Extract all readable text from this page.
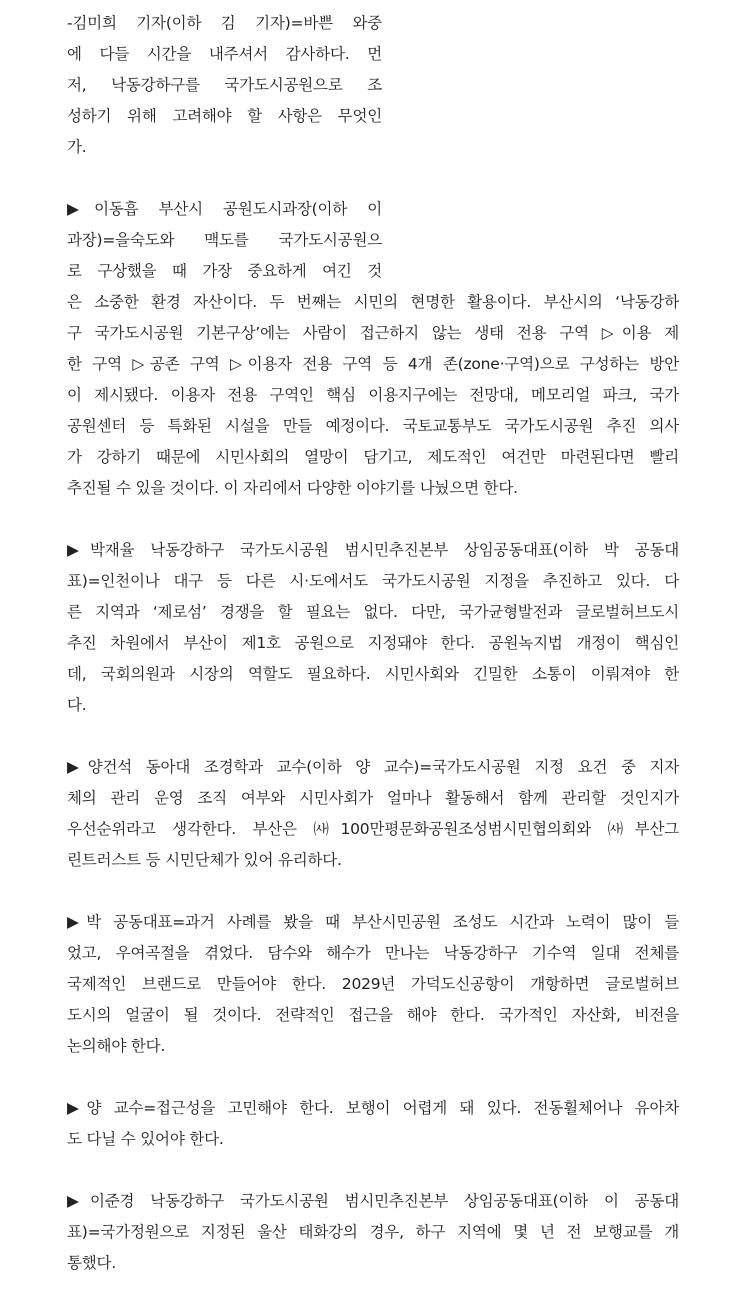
-김미희 기자(이하 김 기자)=바쁜 와중
에 다들 시간을 내주셔서 감사하다. 먼
저, 낙동강하구를 국가도시공원으로 조
성하기 위해 고려해야 할 사항은 무엇인
가.
▶이동흡 부산시 공원도시과장(이하 이
과장)=을숙도와 맥도를 국가도시공원으
로 구상했을 때 가장 중요하게 여긴 것
은 소중한 환경 자산이다. 두 번째는 시민의 현명한 활용이다. 부산시의 ‘낙동강하
구 국가도시공원 기본구상’에는 사람이 접근하지 않는 생태 전용 구역 ▷이용 제
한 구역 ▷공존 구역 ▷이용자 전용 구역 등 4개 존(zone·구역)으로 구성하는 방안
이 제시됐다. 이용자 전용 구역인 핵심 이용지구에는 전망대, 메모리얼 파크, 국가
공원센터 등 특화된 시설을 만들 예정이다. 국토교통부도 국가도시공원 추진 의사
가 강하기 때문에 시민사회의 열망이 담기고, 제도적인 여건만 마련된다면 빨리
추진될 수 있을 것이다. 이 자리에서 다양한 이야기를 나눴으면 한다.
▶박재율 낙동강하구 국가도시공원 범시민추진본부 상임공동대표(이하 박 공동대
표)=인천이나 대구 등 다른 시·도에서도 국가도시공원 지정을 추진하고 있다. 다
른 지역과 ‘제로섬’ 경쟁을 할 필요는 없다. 다만, 국가균형발전과 글로벌허브도시
추진 차원에서 부산이 제1호 공원으로 지정돼야 한다. 공원녹지법 개정이 핵심인
데, 국회의원과 시장의 역할도 필요하다. 시민사회와 긴밀한 소통이 이뤄져야 한
다.
▶양건석 동아대 조경학과 교수(이하 양 교수)=국가도시공원 지정 요건 중 지자
체의 관리 운영 조직 여부와 시민사회가 얼마나 활동해서 함께 관리할 것인지가
우선순위라고 생각한다. 부산은 ㈔100만평문화공원조성범시민협의회와 ㈔부산그
린트러스트 등 시민단체가 있어 유리하다.
▶박 공동대표=과거 사례를 봤을 때 부산시민공원 조성도 시간과 노력이 많이 들
었고, 우여곡절을 겪었다. 담수와 해수가 만나는 낙동강하구 기수역 일대 전체를
국제적인 브랜드로 만들어야 한다. 2029년 가덕도신공항이 개항하면 글로벌허브
도시의 얼굴이 될 것이다. 전략적인 접근을 해야 한다. 국가적인 자산화, 비전을
논의해야 한다.
▶양 교수=접근성을 고민해야 한다. 보행이 어렵게 돼 있다. 전동휠체어나 유아차
도 다닐 수 있어야 한다.
▶이준경 낙동강하구 국가도시공원 범시민추진본부 상임공동대표(이하 이 공동대
표)=국가정원으로 지정된 울산 태화강의 경우, 하구 지역에 몇 년 전 보행교를 개
통했다.
